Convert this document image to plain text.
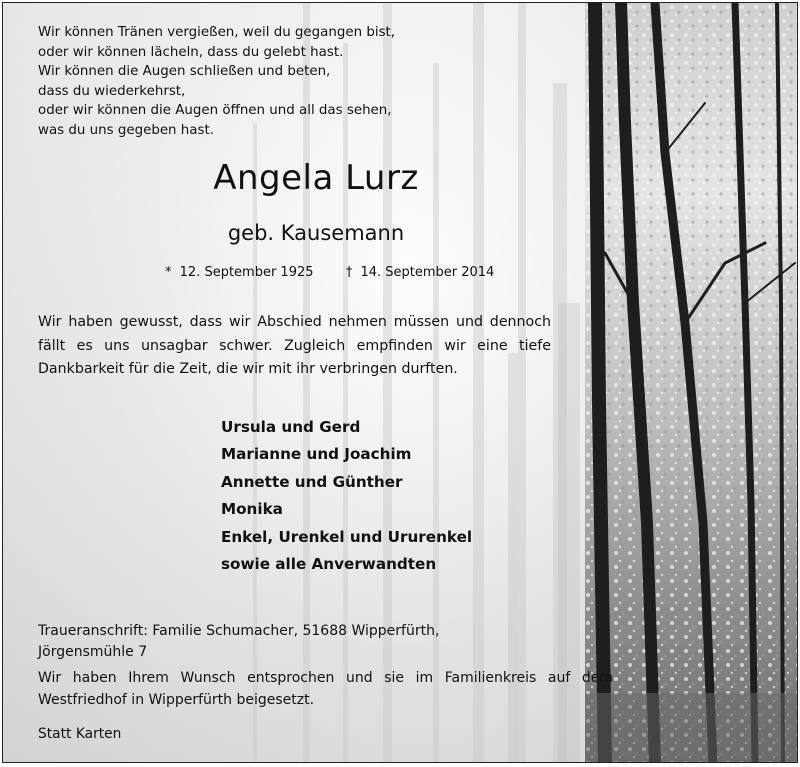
Wir können Tränen vergießen, weil du gegangen bist,
oder wir können lächeln, dass du gelebt hast.
Wir können die Augen schließen und beten,
dass du wiederkehrst,
oder wir können die Augen öffnen und all das sehen,
was du uns gegeben hast.
Angela Lurz
geb. Kausemann
* 12. September 1925 † 14. September 2014
Wir haben gewusst, dass wir Abschied nehmen müssen und dennoch fällt es uns unsagbar schwer. Zugleich empfinden wir eine tiefe Dankbarkeit für die Zeit, die wir mit ihr verbringen durften.
Ursula und Gerd
Marianne und Joachim
Annette und Günther
Monika
Enkel, Urenkel und Ururenkel
sowie alle Anverwandten
Traueranschrift: Familie Schumacher, 51688 Wipperfürth,
Jörgensmühle 7
Wir haben Ihrem Wunsch entsprochen und sie im Familienkreis auf dem Westfriedhof in Wipperfürth beigesetzt.
Statt Karten
